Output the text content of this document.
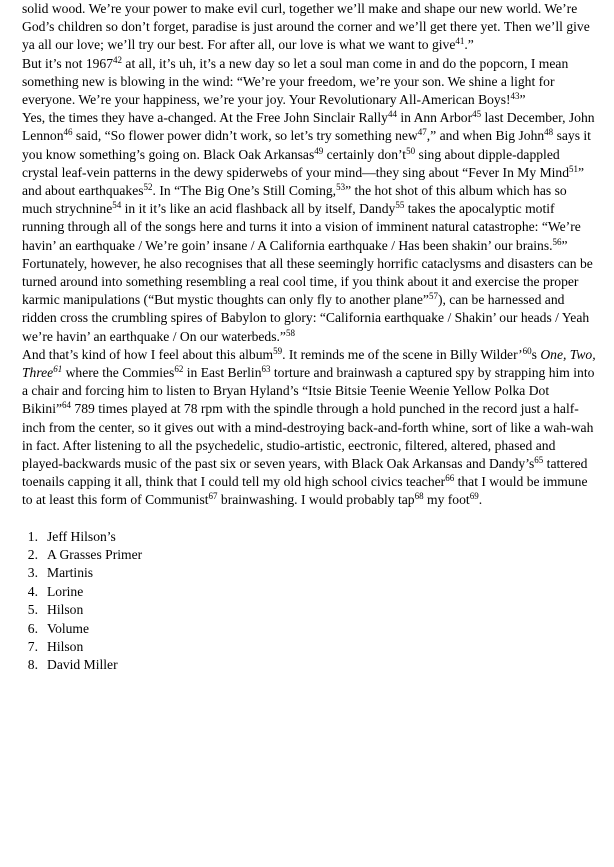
solid wood. We’re your power to make evil curl, together we’ll make and shape our new world. We’re God’s children so don’t forget, paradise is just around the corner and we’ll get there yet. Then we’ll give ya all our love; we’ll try our best. For after all, our love is what we want to give$^{41}$.”

But it’s not 1967$^{42}$ at all, it’s uh, it’s a new day so let a soul man come in and do the popcorn, I mean something new is blowing in the wind: “We’re your freedom, we’re your son. We shine a light for everyone. We’re your happiness, we’re your joy. Your Revolutionary All-American Boys!$^{43}$”

Yes, the times they have a-changed. At the Free John Sinclair Rally$^{44}$ in Ann Arbor$^{45}$ last December, John Lennon$^{46}$ said, “So flower power didn’t work, so let’s try something new$^{47}$,” and when Big John$^{48}$ says it you know something’s going on. Black Oak Arkansas$^{49}$ certainly $don’t^{50}$ sing about dipple-dappled crystal leaf-vein patterns in the dewy spiderwebs of your mind—they sing about “Fever In My Mind$^{51}$” and about earthquakes$^{52}$. In “The Big One’s Still Coming,$^{53}$” the hot shot of this album which has so much strychnine$^{54}$ in it it’s like an acid flashback all by itself, Dandy$^{55}$ takes the apocalyptic motif running through all of the songs here and turns it into a vision of imminent natural catastrophe: “We’re havin’ an earthquake / We’re goin’ insane / A California earthquake / Has been shakin’ our brains.$^{56}$” Fortunately, however, he also recognises that all these seemingly horrific cataclysms and disasters can be turned around into something resembling a real cool time, if you think about it and exercise the proper karmic manipulations (“But mystic thoughts can only fly to another plane”$^{57}$), can be harnessed and ridden cross the crumbling spires of Babylon to glory: “California earthquake / Shakin’ our heads / Yeah we’re havin’ an earthquake / On our waterbeds.”$^{58}$

And that’s kind of how I feel about this album$^{59}$. It reminds me of the scene in Billy Wilder’$^{60}$s One, Two, Three$^{61}$ where the Commies$^{62}$ in East Berlin$^{63}$ torture and brainwash a captured spy by strapping him into a chair and forcing him to listen to Bryan Hyland’s “Itsie Bitsie Teenie Weenie Yellow Polka Dot Bikini”$^{64}$ 789 times played at 78 rpm with the spindle through a hold punched in the record just a half-inch from the center, so it gives out with a mind-destroying back-and-forth whine, sort of like a wah-wah in fact. After listening to all the psychedelic, studio-artistic, eectronic, filtered, altered, phased and played-backwards music of the past six or seven years, with Black Oak Arkansas and $Dandy’s^{65}$ tattered toenails capping it all, think that I could tell my old high school civics teacher$^{66}$ that I would be immune to at least this form of Communist$^{67}$ brainwashing. I would probably tap$^{68}$ my foot$^{69}$.

1. Jeff Hilson’s
2. A Grasses Primer
3. Martinis
4. Lorine
5. Hilson
6. Volume
7. Hilson
8. David Miller
